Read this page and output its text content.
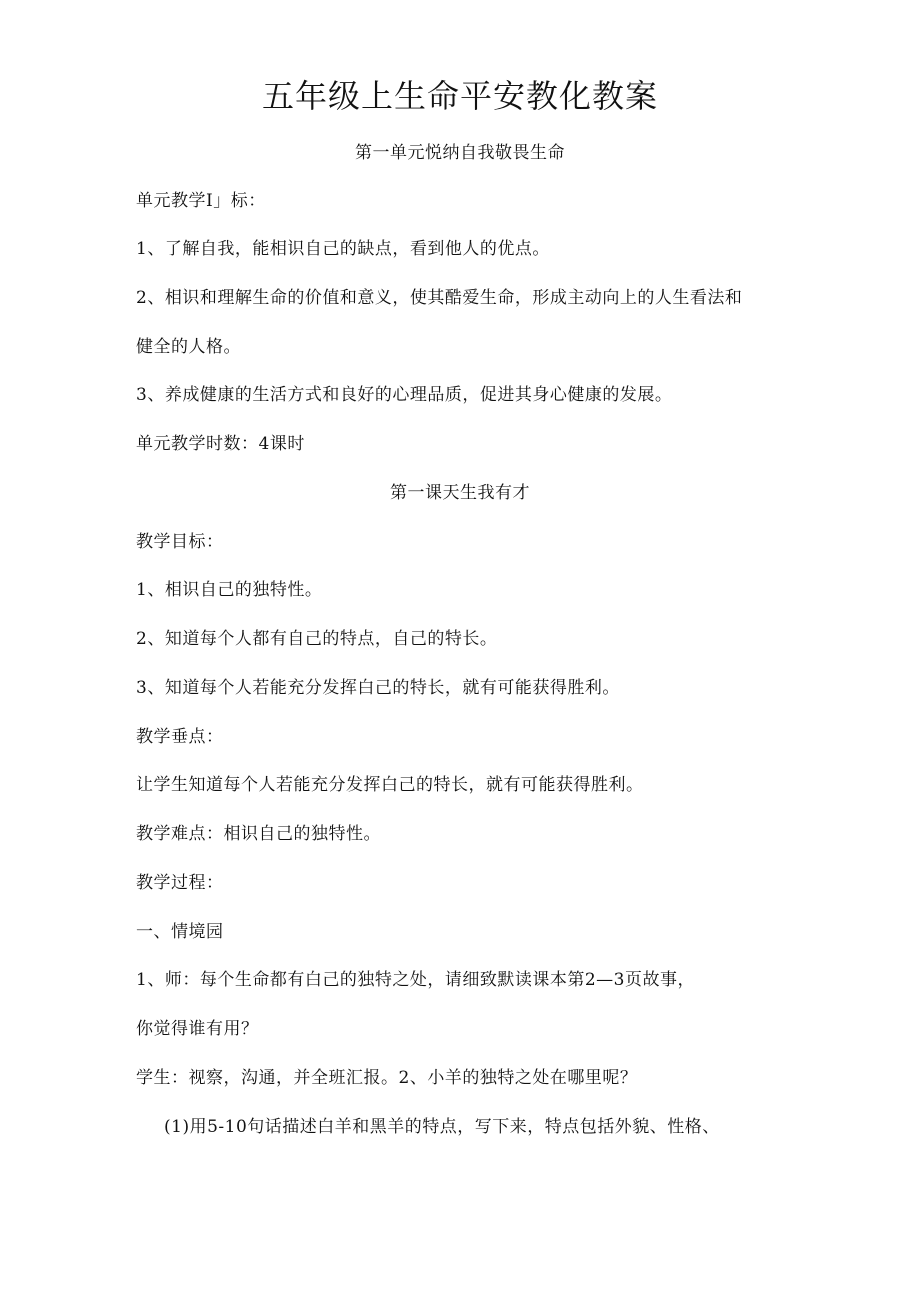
五年级上生命平安教化教案
第一单元悦纳自我敬畏生命
单元教学I」标：
1、了解自我，能相识自己的缺点，看到他人的优点。
2、相识和理解生命的价值和意义，使其酷爱生命，形成主动向上的人生看法和
健全的人格。
3、养成健康的生活方式和良好的心理品质，促进其身心健康的发展。
单元教学时数：4课时
第一课天生我有才
教学目标：
1、相识自己的独特性。
2、知道每个人都有自己的特点，自己的特长。
3、知道每个人若能充分发挥白己的特长，就有可能获得胜利。
教学垂点：
让学生知道每个人若能充分发挥白己的特长，就有可能获得胜利。
教学难点：相识自己的独特性。
教学过程：
一、情境园
1、师：每个生命都有白己的独特之处，请细致默读课本第2—3页故事，
你觉得谁有用？
学生：视察，沟通，并全班汇报。2、小羊的独特之处在哪里呢？
(1)用5-10句话描述白羊和黑羊的特点，写下来，特点包括外貌、性格、
